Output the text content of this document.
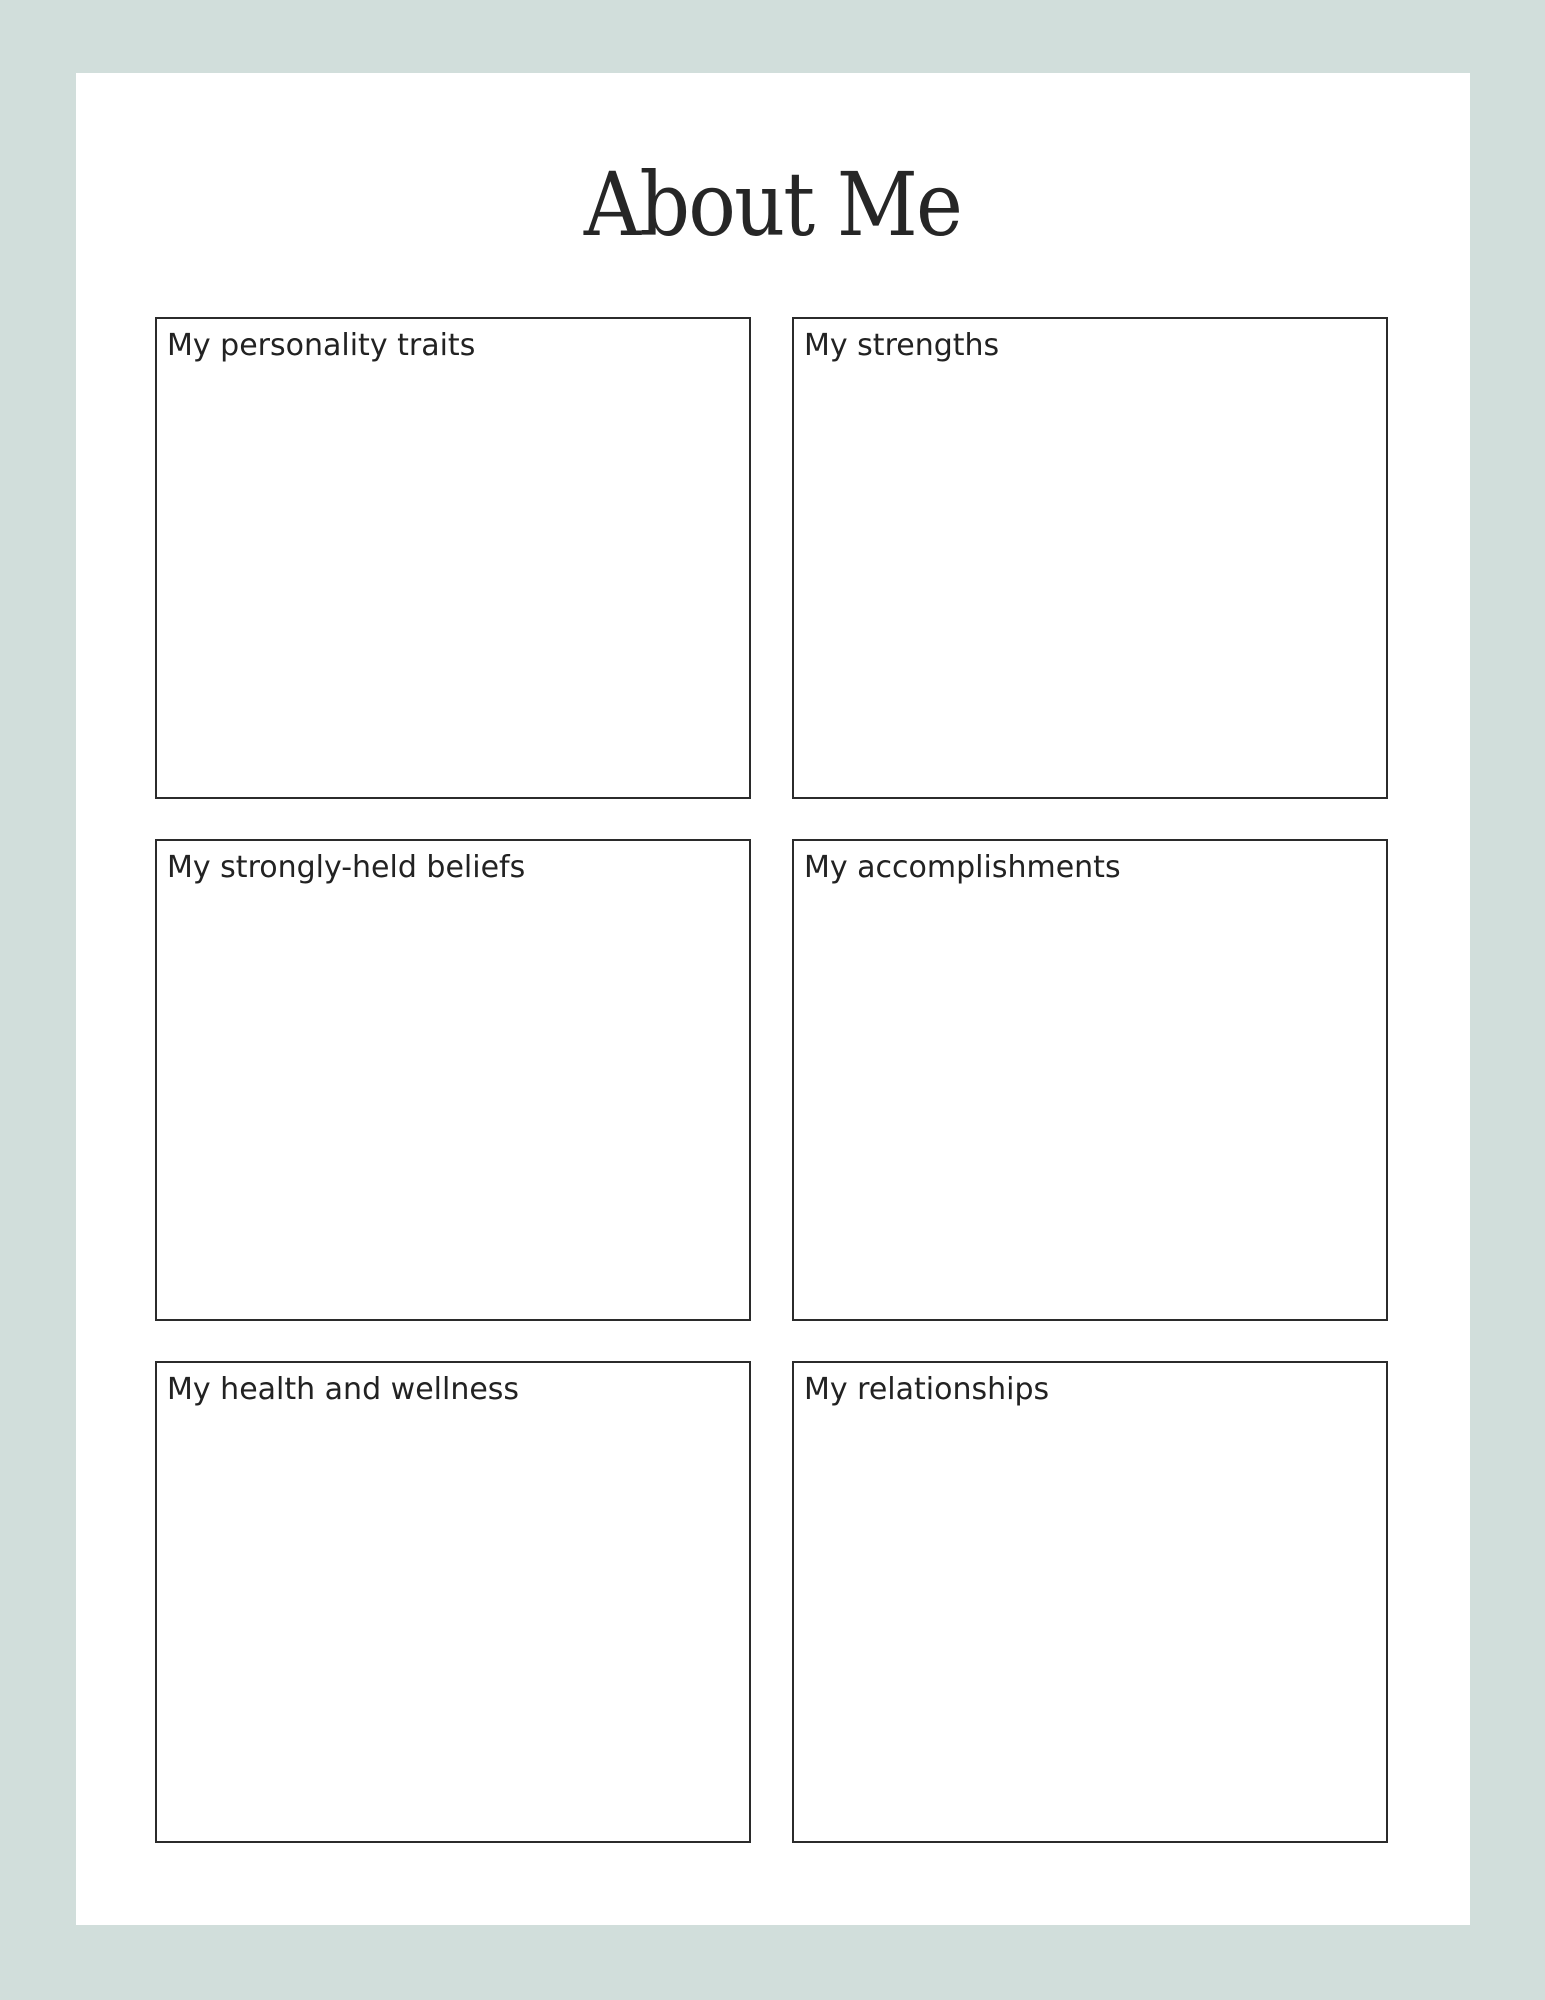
About Me
My personality traits	My strengths
My strongly-held beliefs	My accomplishments
My health and wellness	My relationships
